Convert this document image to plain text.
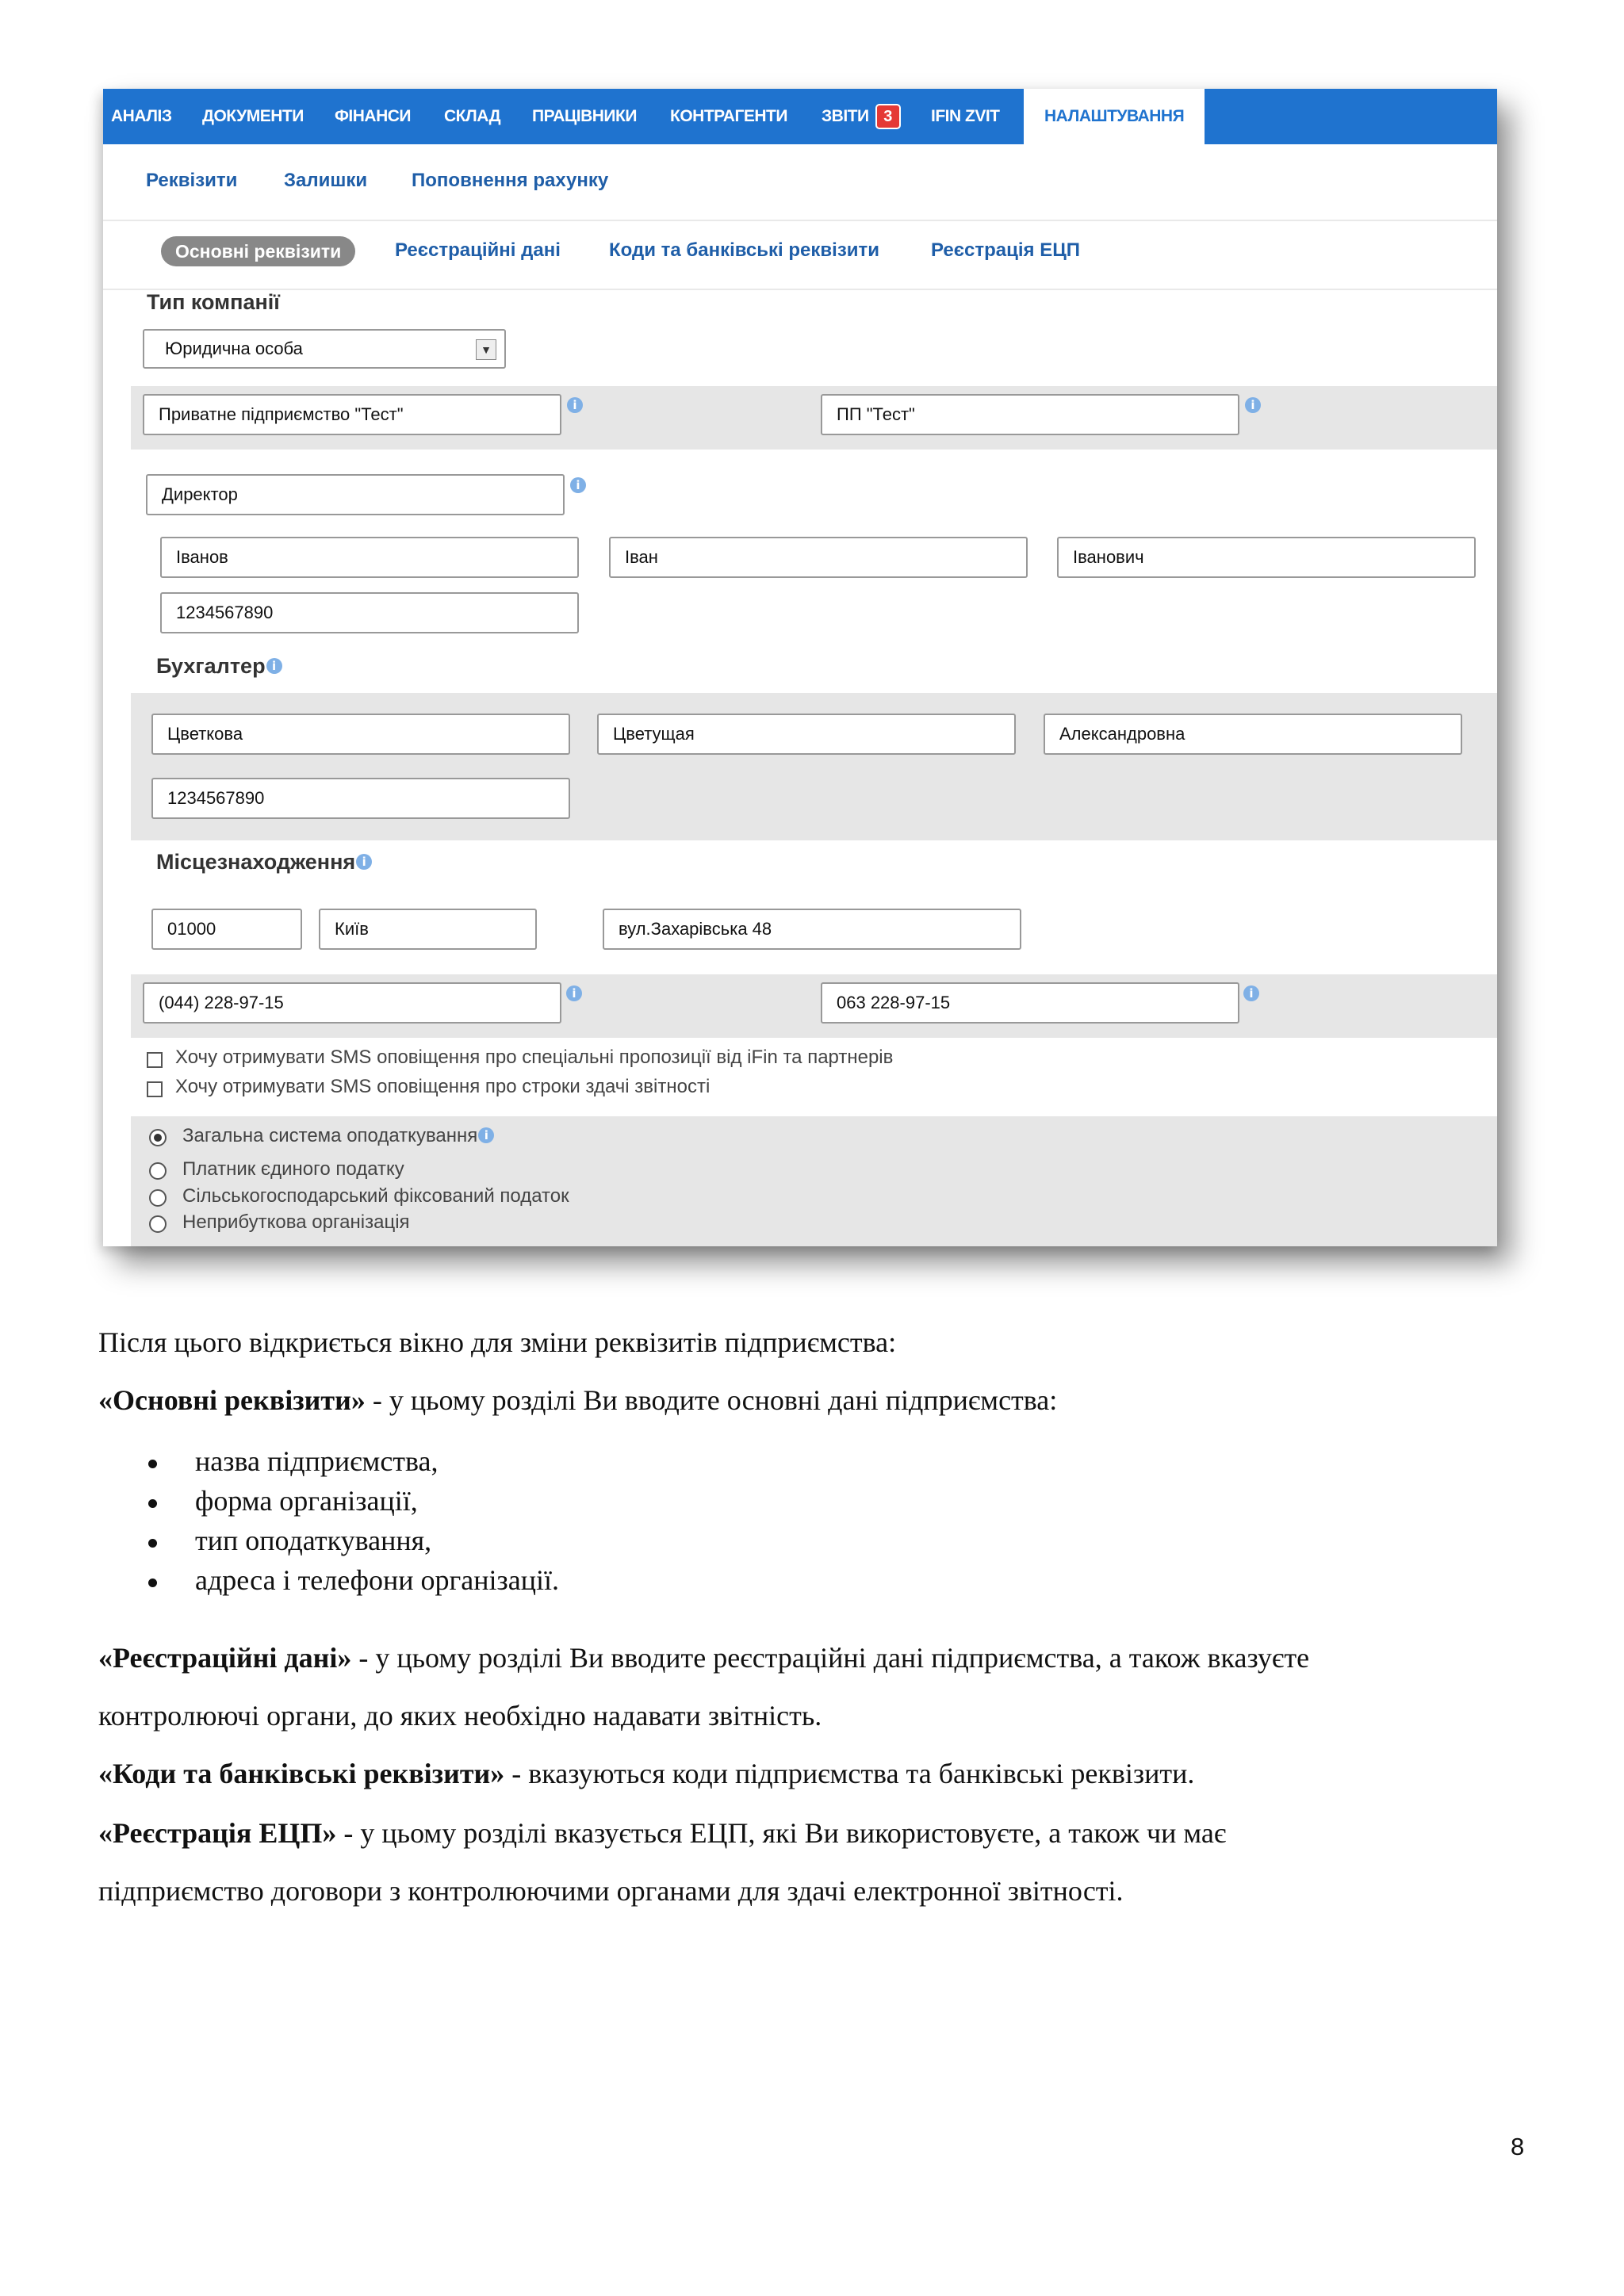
АНАЛІЗ ДОКУМЕНТИ ФІНАНСИ СКЛАД ПРАЦІВНИКИ КОНТРАГЕНТИ ЗВІТИ 3	IFIN ZVIT	НАЛАШТУВАННЯ
Реквізити Залишки Поповнення рахунку
Основні реквізити	Реєстраційні дані	Коди та банківські реквізити	Реєстрація ЕЦП
Тип компанії
Юридична особа	▼
Приватне підприємство "Тест"	i	ПП "Тест"	i
Директор	i
Іванов	Іван	Іванович
1234567890
Бухгалтер i
Цветкова	Цветущая	Александровна
1234567890
Місцезнаходження i
01000	Київ	вул.Захарівська 48
(044) 228-97-15	i	063 228-97-15	i
Хочу отримувати SMS оповіщення про спеціальні пропозиції від iFin та партнерів
Хочу отримувати SMS оповіщення про строки здачі звітності
Загальна система оподаткування i
Платник єдиного податку
Сільськогосподарський фіксований податок
Неприбуткова організація
Після цього відкриється вікно для зміни реквізитів підприємства:
«Основні реквізити» - у цьому розділі Ви вводите основні дані підприємства:
назва підприємства,
форма організації,
тип оподаткування,
адреса і телефони організації.
«Реєстраційні дані» - у цьому розділі Ви вводите реєстраційні дані підприємства, а також вказуєте
контролюючі органи, до яких необхідно надавати звітність.
«Коди та банківські реквізити» - вказуються коди підприємства та банківські реквізити.
«Реєстрація ЕЦП» - у цьому розділі вказується ЕЦП, які Ви використовуєте, а також чи має
підприємство договори з контролюючими органами для здачі електронної звітності.
8
